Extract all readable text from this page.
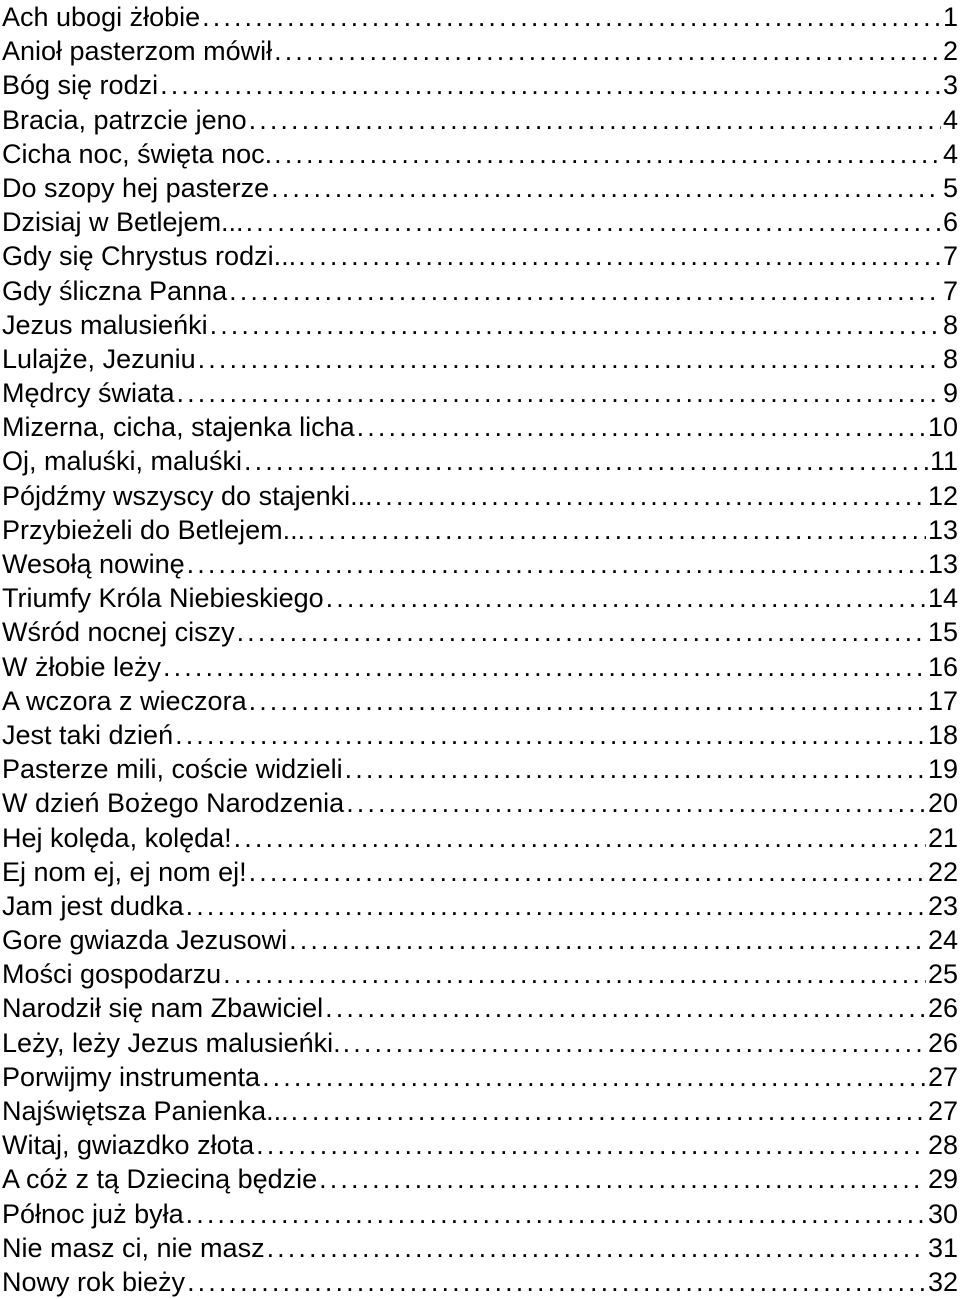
Ach ubogi żłobie . . .	1
Anioł pasterzom mówił . . .	2
Bóg się rodzi . . .	3
Bracia, patrzcie jeno . . .	4
Cicha noc, święta noc. . . .	4
Do szopy hej pasterze . . .	5
Dzisiaj w Betlejem... . . .	6
Gdy się Chrystus rodzi... . . .	7
Gdy śliczna Panna . . .	7
Jezus malusieńki . . .	8
Lulajże, Jezuniu . . .	8
Mędrcy świata . . .	9
Mizerna, cicha, stajenka licha . . .	10
Oj, maluśki, maluśki . . .	11
Pójdźmy wszyscy do stajenki... . . .	12
Przybieżeli do Betlejem... . . .	13
Wesołą nowinę . . .	13
Triumfy Króla Niebieskiego . . .	14
Wśród nocnej ciszy . . .	15
W żłobie leży . . .	16
A wczora z wieczora . . .	17
Jest taki dzień . . .	18
Pasterze mili, coście widzieli . . .	19
W dzień Bożego Narodzenia . . .	20
Hej kolęda, kolęda! . . .	21
Ej nom ej, ej nom ej! . . .	22
Jam jest dudka . . .	23
Gore gwiazda Jezusowi . . .	24
Mości gospodarzu . . .	25
Narodził się nam Zbawiciel . . .	26
Leży, leży Jezus malusieńki. . . .	26
Porwijmy instrumenta . . .	27
Najświętsza Panienka... . . .	27
Witaj, gwiazdko złota . . .	28
A cóż z tą Dzieciną będzie . . .	29
Północ już była . . .	30
Nie masz ci, nie masz . . .	31
Nowy rok bieży . . .	32
